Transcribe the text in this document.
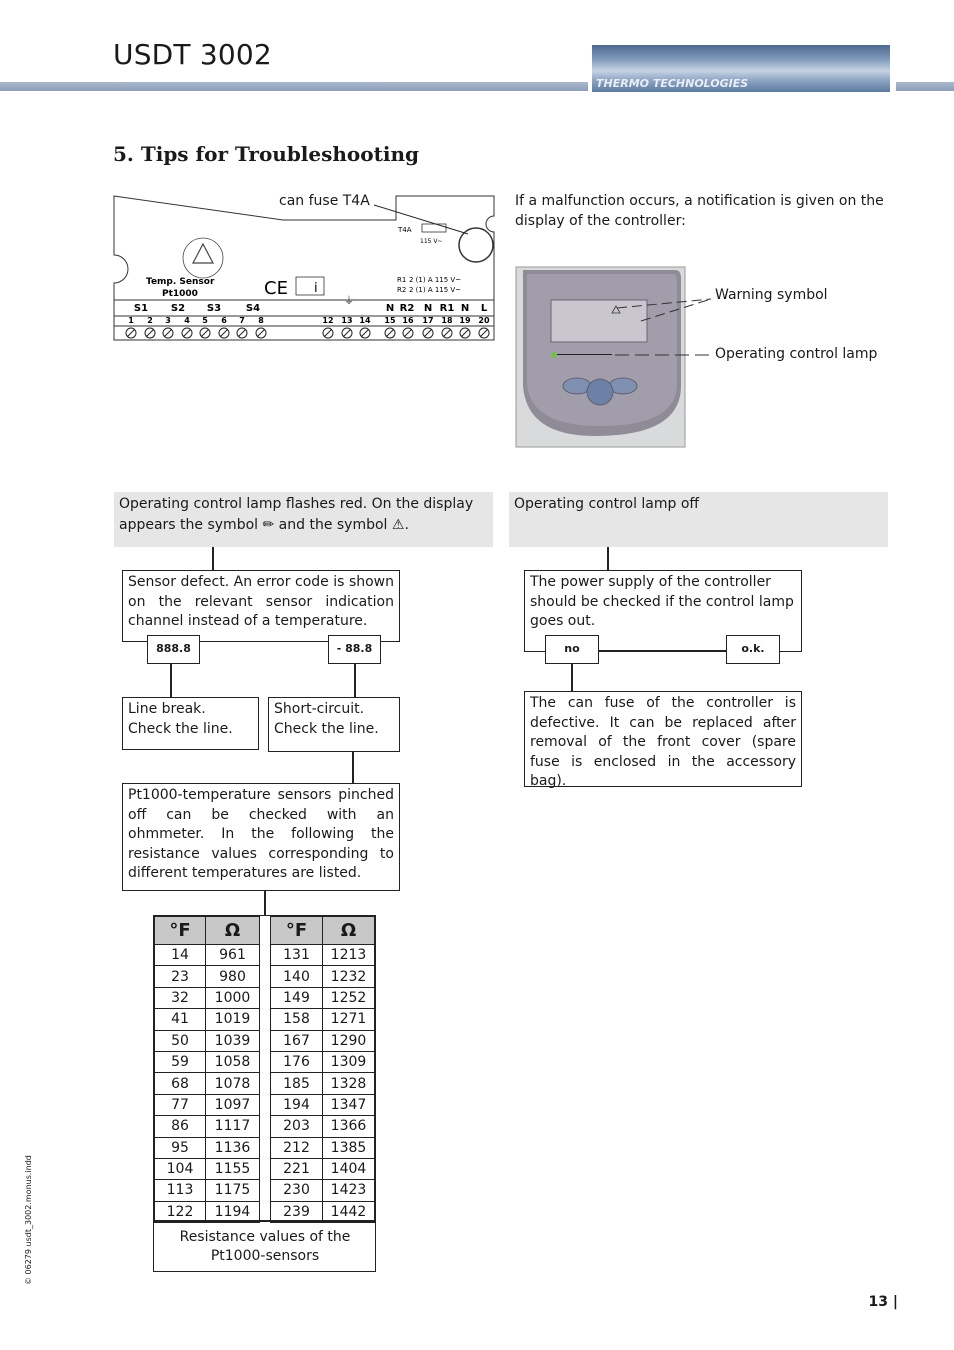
USDT 3002
THERMO TECHNOLOGIES
5. Tips for Troubleshooting
T4A
115 V~
Temp. Sensor
Pt1000	CE i
R1
R2
2 (1) A 115 V~
2 (1) A 115 V~
⏚
S1 S2 S3 S4	N R2 N R1 N L
1 2 3 4 5 6 7 8	12 13 14 15 16 17 18 19 20
can fuse T4A	If a malfunction occurs, a notification is given on the display of the controller:
Warning symbol
Operating control lamp
Operating control lamp flashes red. On the display appears the symbol ✏ and the symbol ⚠.
Sensor defect. An error code is shown on the relevant sensor indication channel instead of a temperature.
888.8	- 88.8
Line break. Check the line.
Short-circuit. Check the line.
Pt1000-temperature sensors pinched off can be checked with an ohmmeter. In the following the resistance values corresponding to different temperatures are listed.
°F	Ω
14	961
23	980
32	1000
41	1019
50	1039
59	1058
68	1078
77	1097
86	1117
95	1136
104	1155
113	1175
122	1194
°F	Ω
131	1213
140	1232
149	1252
158	1271
167	1290
176	1309
185	1328
194	1347
203	1366
212	1385
221	1404
230	1423
239	1442
Resistance values of the Pt1000-sensors
Operating control lamp off
The power supply of the controller should be checked if the control lamp goes out.
no	o.k.
The can fuse of the controller is defective. It can be replaced after removal of the front cover (spare fuse is enclosed in the accessory bag).
13 |
© 06279 usdt_3002.monus.indd
